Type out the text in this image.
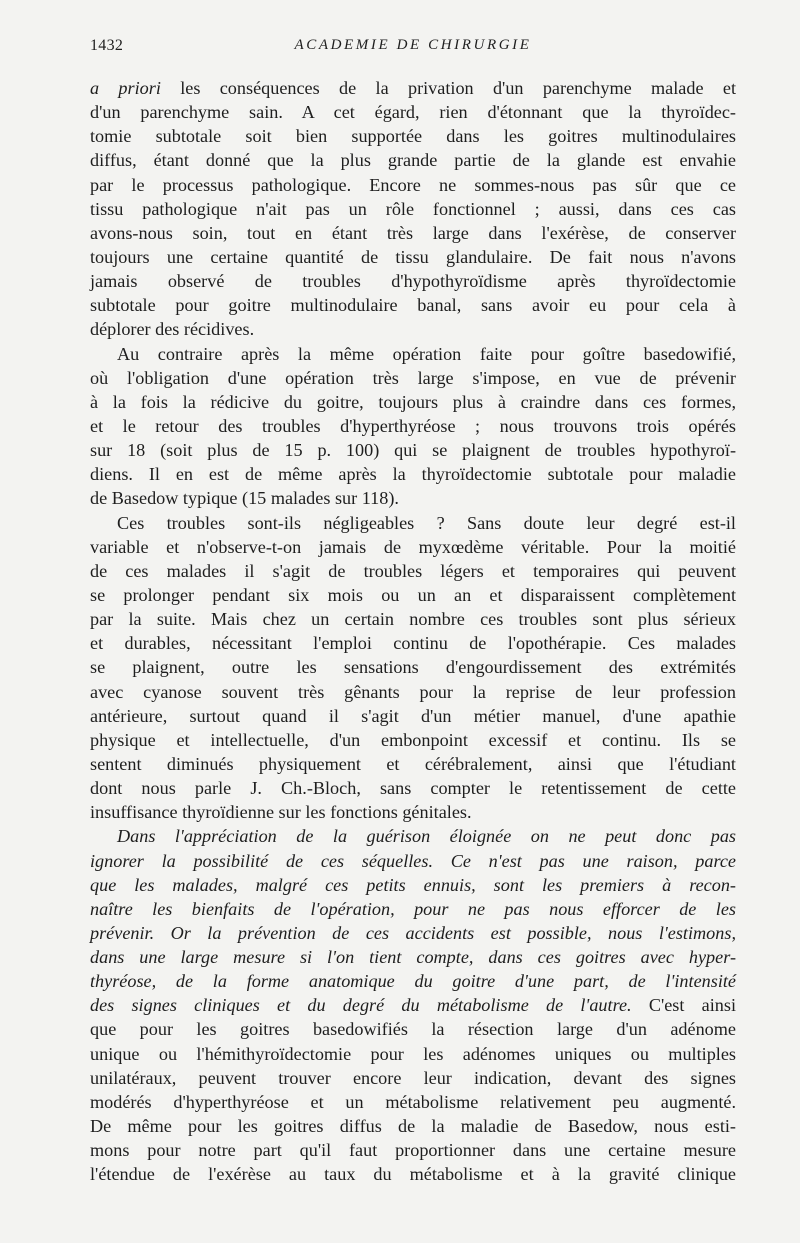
1432	ACADEMIE DE CHIRURGIE
a priori les conséquences de la privation d'un parenchyme malade et
d'un parenchyme sain. A cet égard, rien d'étonnant que la thyroïdec-
tomie subtotale soit bien supportée dans les goitres multinodulaires
diffus, étant donné que la plus grande partie de la glande est envahie
par le processus pathologique. Encore ne sommes-nous pas sûr que ce
tissu pathologique n'ait pas un rôle fonctionnel ; aussi, dans ces cas
avons-nous soin, tout en étant très large dans l'exérèse, de conserver
toujours une certaine quantité de tissu glandulaire. De fait nous n'avons
jamais observé de troubles d'hypothyroïdisme après thyroïdectomie
subtotale pour goitre multinodulaire banal, sans avoir eu pour cela à
déplorer des récidives.
Au contraire après la même opération faite pour goître basedowifié,
où l'obligation d'une opération très large s'impose, en vue de prévenir
à la fois la rédicive du goitre, toujours plus à craindre dans ces formes,
et le retour des troubles d'hyperthyréose ; nous trouvons trois opérés
sur 18 (soit plus de 15 p. 100) qui se plaignent de troubles hypothyroï-
diens. Il en est de même après la thyroïdectomie subtotale pour maladie
de Basedow typique (15 malades sur 118).
Ces troubles sont-ils négligeables ? Sans doute leur degré est-il
variable et n'observe-t-on jamais de myxœdème véritable. Pour la moitié
de ces malades il s'agit de troubles légers et temporaires qui peuvent
se prolonger pendant six mois ou un an et disparaissent complètement
par la suite. Mais chez un certain nombre ces troubles sont plus sérieux
et durables, nécessitant l'emploi continu de l'opothérapie. Ces malades
se plaignent, outre les sensations d'engourdissement des extrémités
avec cyanose souvent très gênants pour la reprise de leur profession
antérieure, surtout quand il s'agit d'un métier manuel, d'une apathie
physique et intellectuelle, d'un embonpoint excessif et continu. Ils se
sentent diminués physiquement et cérébralement, ainsi que l'étudiant
dont nous parle J. Ch.-Bloch, sans compter le retentissement de cette
insuffisance thyroïdienne sur les fonctions génitales.
Dans l'appréciation de la guérison éloignée on ne peut donc pas
ignorer la possibilité de ces séquelles. Ce n'est pas une raison, parce
que les malades, malgré ces petits ennuis, sont les premiers à recon-
naître les bienfaits de l'opération, pour ne pas nous efforcer de les
prévenir. Or la prévention de ces accidents est possible, nous l'estimons,
dans une large mesure si l'on tient compte, dans ces goitres avec hyper-
thyréose, de la forme anatomique du goitre d'une part, de l'intensité
des signes cliniques et du degré du métabolisme de l'autre. C'est ainsi
que pour les goitres basedowifiés la résection large d'un adénome
unique ou l'hémithyroïdectomie pour les adénomes uniques ou multiples
unilatéraux, peuvent trouver encore leur indication, devant des signes
modérés d'hyperthyréose et un métabolisme relativement peu augmenté.
De même pour les goitres diffus de la maladie de Basedow, nous esti-
mons pour notre part qu'il faut proportionner dans une certaine mesure
l'étendue de l'exérèse au taux du métabolisme et à la gravité clinique
